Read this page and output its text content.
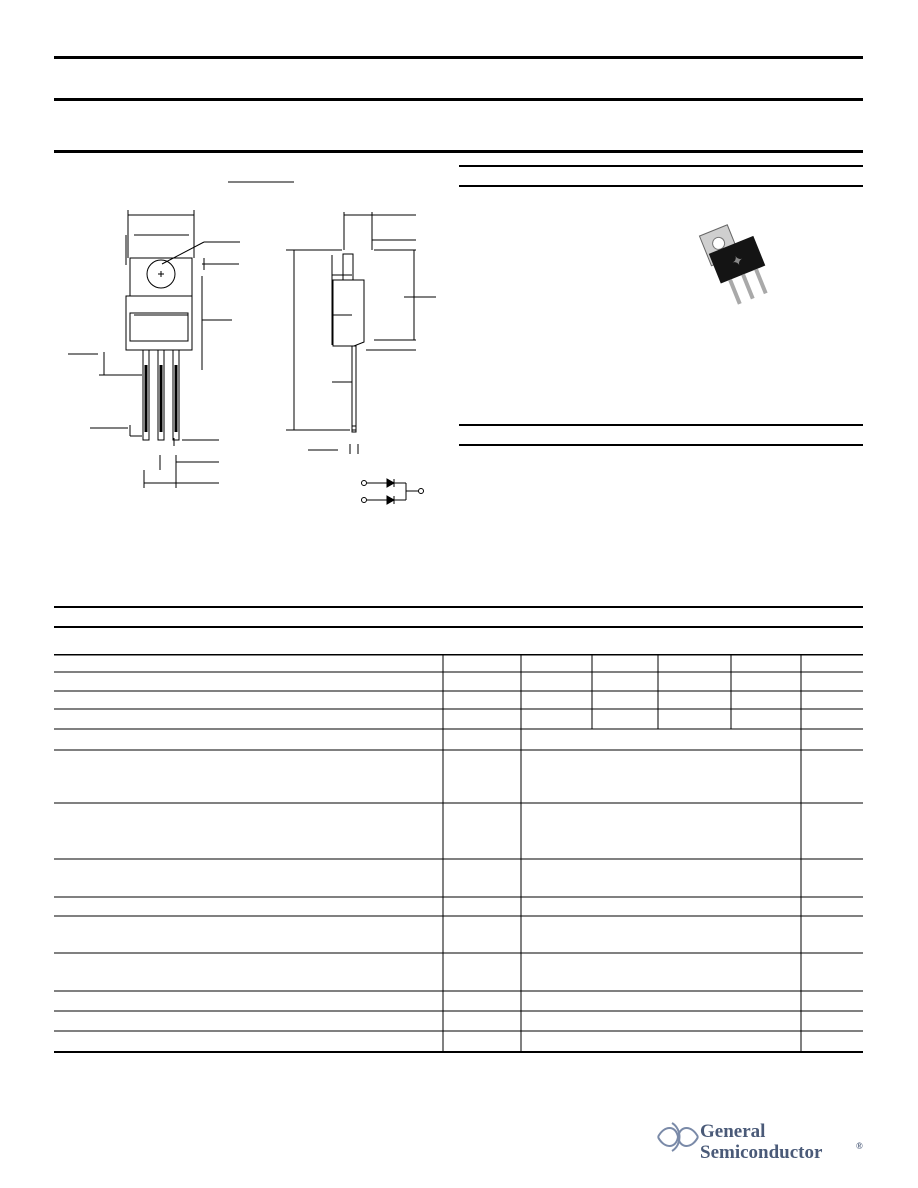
✦
General
Semiconductor	®
